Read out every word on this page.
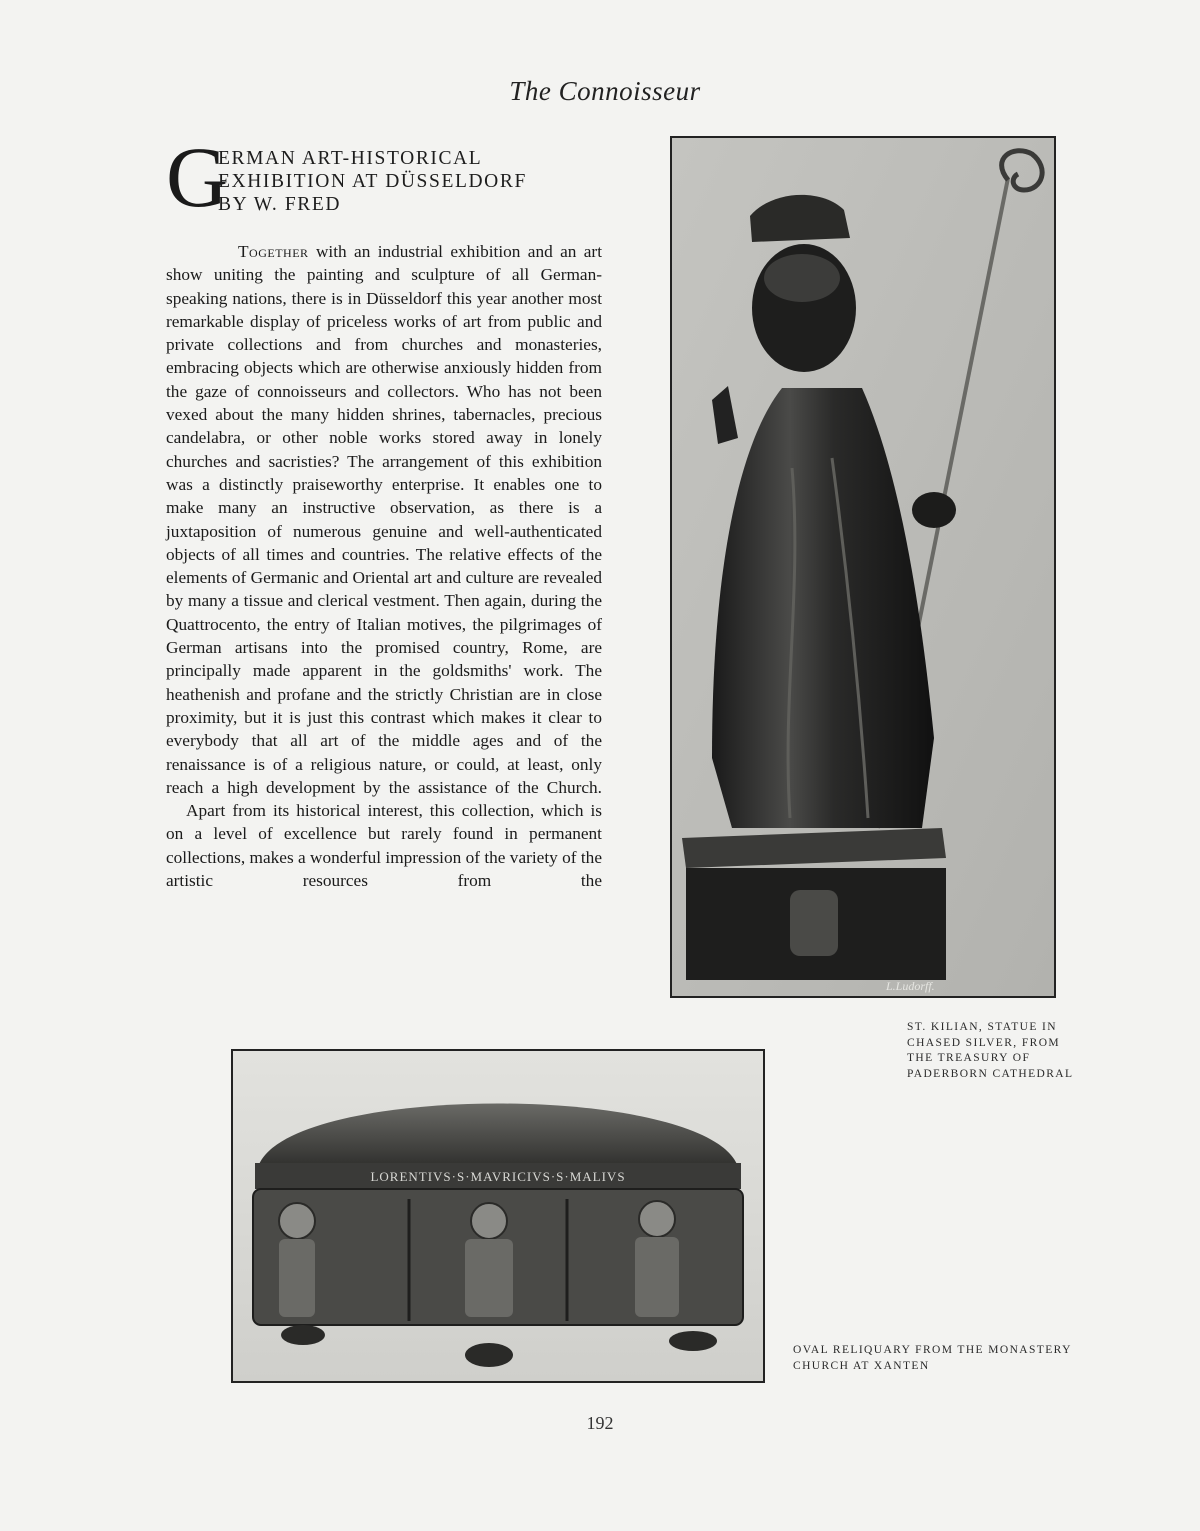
The Connoisseur
G
ERMAN ART-HISTORICAL
EXHIBITION AT DÜSSELDORF
BY W. FRED

Together with an industrial exhibition and an art show uniting the painting and sculpture of all German-speaking nations, there is in Düsseldorf this year another most remarkable display of priceless works of art from public and private collections and from churches and monasteries, embracing objects which are otherwise anxiously hidden from the gaze of connoisseurs and collectors. Who has not been vexed about the many hidden shrines, tabernacles, precious candelabra, or other noble works stored away in lonely churches and sacristies? The arrangement of this exhibition was a distinctly praiseworthy enterprise. It enables one to make many an instructive observation, as there is a juxtaposition of numerous genuine and well-authenticated objects of all times and countries. The relative effects of the elements of Germanic and Oriental art and culture are revealed by many a tissue and clerical vestment. Then again, during the Quattrocento, the entry of Italian motives, the pilgrimages of German artisans into the promised country, Rome, are principally made apparent in the goldsmiths' work. The heathenish and profane and the strictly Christian are in close proximity, but it is just this contrast which makes it clear to everybody that all art of the middle ages and of the renaissance is of a religious nature, or could, at least, only reach a high development by the assistance of the Church.

Apart from its historical interest, this collection, which is on a level of excellence but rarely found in permanent collections, makes a wonderful impression of the variety of the artistic resources from the

L.Ludorff.
ST. KILIAN, STATUE IN
CHASED SILVER, FROM
THE TREASURY OF
PADERBORN CATHEDRAL
LORENTIVS·S·MAVRICIVS·S·MALIVS
OVAL RELIQUARY FROM THE MONASTERY
CHURCH AT XANTEN
192
